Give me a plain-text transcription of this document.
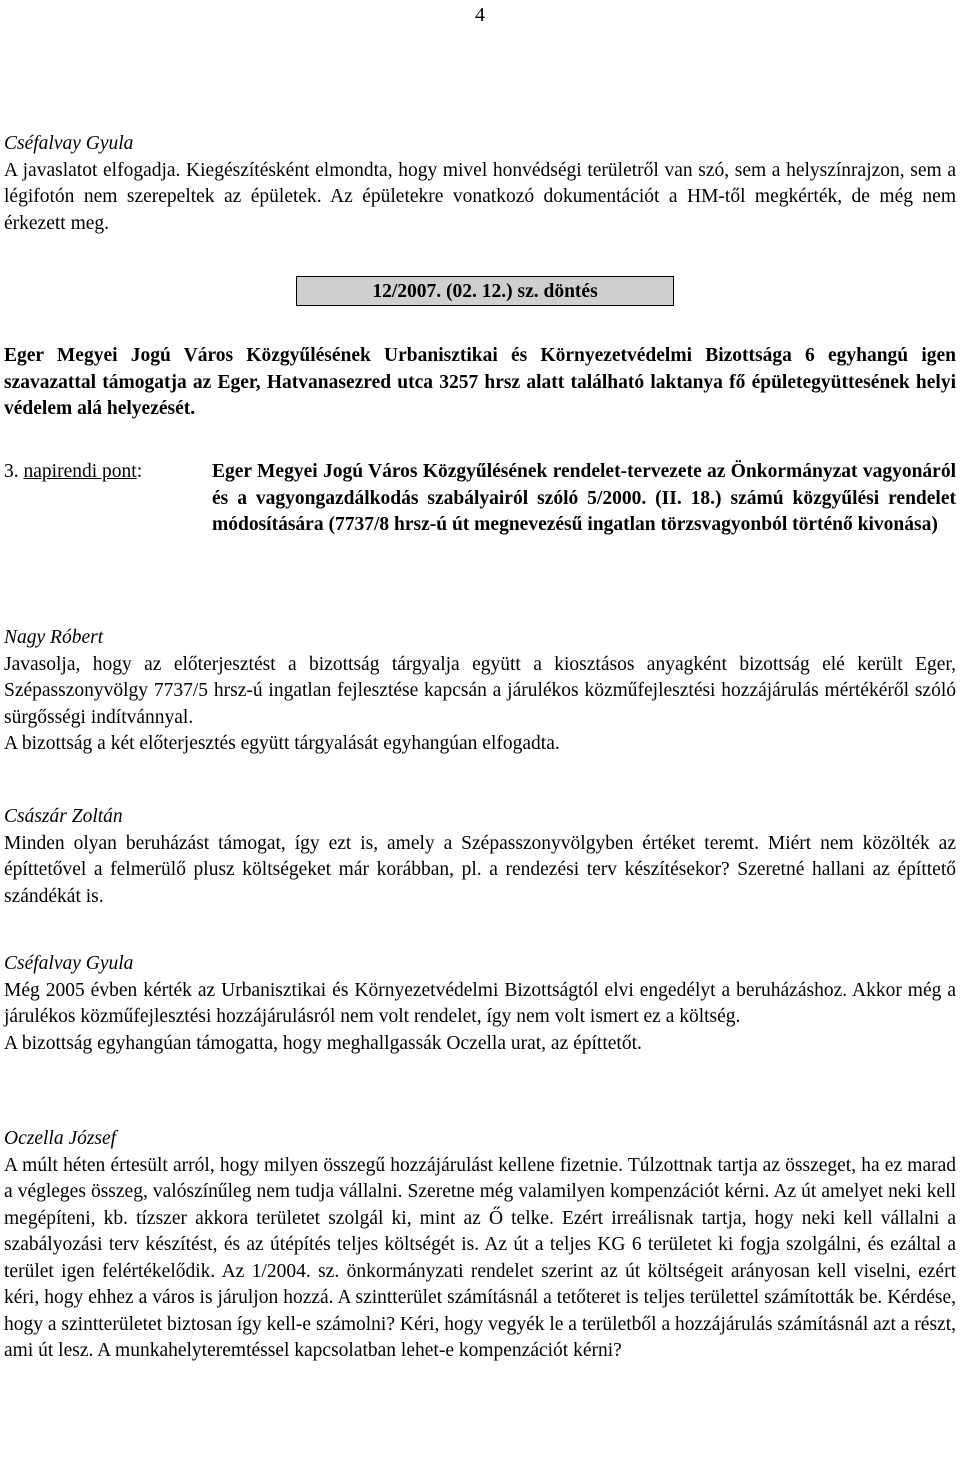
4
Cséfalvay Gyula
A javaslatot elfogadja. Kiegészítésként elmondta, hogy mivel honvédségi területről van szó, sem a helyszínrajzon, sem a légifotón nem szerepeltek az épületek. Az épületekre vonatkozó dokumentációt a HM-től megkérték, de még nem érkezett meg.
12/2007. (02. 12.) sz. döntés
Eger Megyei Jogú Város Közgyűlésének Urbanisztikai és Környezetvédelmi Bizottsága 6 egyhangú igen szavazattal támogatja az Eger, Hatvanasezred utca 3257 hrsz alatt található laktanya fő épületegyüttesének helyi védelem alá helyezését.
3. napirendi pont:	Eger Megyei Jogú Város Közgyűlésének rendelet-tervezete az Önkormányzat vagyonáról és a vagyongazdálkodás szabályairól szóló 5/2000. (II. 18.) számú közgyűlési rendelet módosítására (7737/8 hrsz-ú út megnevezésű ingatlan törzsvagyonból történő kivonása)
Nagy Róbert
Javasolja, hogy az előterjesztést a bizottság tárgyalja együtt a kiosztásos anyagként bizottság elé került Eger, Szépasszonyvölgy 7737/5 hrsz-ú ingatlan fejlesztése kapcsán a járulékos közműfejlesztési hozzájárulás mértékéről szóló sürgősségi indítvánnyal.
A bizottság a két előterjesztés együtt tárgyalását egyhangúan elfogadta.
Császár Zoltán
Minden olyan beruházást támogat, így ezt is, amely a Szépasszonyvölgyben értéket teremt. Miért nem közölték az építtetővel a felmerülő plusz költségeket már korábban, pl. a rendezési terv készítésekor? Szeretné hallani az építtető szándékát is.
Cséfalvay Gyula
Még 2005 évben kérték az Urbanisztikai és Környezetvédelmi Bizottságtól elvi engedélyt a beruházáshoz. Akkor még a járulékos közműfejlesztési hozzájárulásról nem volt rendelet, így nem volt ismert ez a költség.
A bizottság egyhangúan támogatta, hogy meghallgassák Oczella urat, az építtetőt.
Oczella József
A múlt héten értesült arról, hogy milyen összegű hozzájárulást kellene fizetnie. Túlzottnak tartja az összeget, ha ez marad a végleges összeg, valószínűleg nem tudja vállalni. Szeretne még valamilyen kompenzációt kérni. Az út amelyet neki kell megépíteni, kb. tízszer akkora területet szolgál ki, mint az Ő telke. Ezért irreálisnak tartja, hogy neki kell vállalni a szabályozási terv készítést, és az útépítés teljes költségét is. Az út a teljes KG 6 területet ki fogja szolgálni, és ezáltal a terület igen felértékelődik. Az 1/2004. sz. önkormányzati rendelet szerint az út költségeit arányosan kell viselni, ezért kéri, hogy ehhez a város is járuljon hozzá. A szintterület számításnál a tetőteret is teljes területtel számították be. Kérdése, hogy a szintterületet biztosan így kell-e számolni? Kéri, hogy vegyék le a területből a hozzájárulás számításnál azt a részt, ami út lesz. A munkahelyteremtéssel kapcsolatban lehet-e kompenzációt kérni?
